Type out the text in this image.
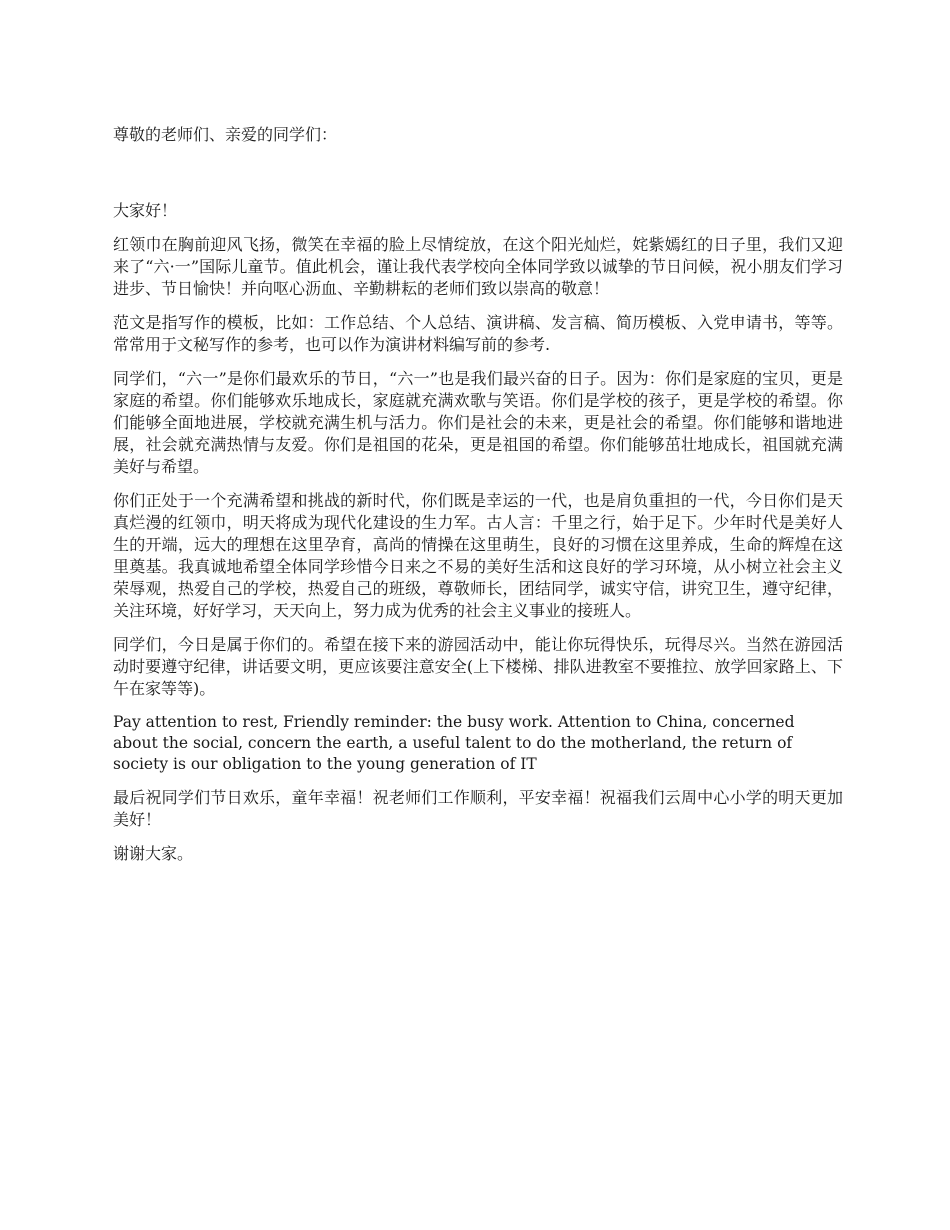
尊敬的老师们、亲爱的同学们：

大家好！

红领巾在胸前迎风飞扬，微笑在幸福的脸上尽情绽放，在这个阳光灿烂，姹紫嫣红的日子里，我们又迎来了“六·一”国际儿童节。值此机会，谨让我代表学校向全体同学致以诚挚的节日问候，祝小朋友们学习进步、节日愉快！并向呕心沥血、辛勤耕耘的老师们致以崇高的敬意！

范文是指写作的模板，比如：工作总结、个人总结、演讲稿、发言稿、简历模板、入党申请书，等等。常常用于文秘写作的参考，也可以作为演讲材料编写前的参考.

同学们，“六一”是你们最欢乐的节日，“六一”也是我们最兴奋的日子。因为：你们是家庭的宝贝，更是家庭的希望。你们能够欢乐地成长，家庭就充满欢歌与笑语。你们是学校的孩子，更是学校的希望。你们能够全面地进展，学校就充满生机与活力。你们是社会的未来，更是社会的希望。你们能够和谐地进展，社会就充满热情与友爱。你们是祖国的花朵，更是祖国的希望。你们能够茁壮地成长，祖国就充满美好与希望。

你们正处于一个充满希望和挑战的新时代，你们既是幸运的一代，也是肩负重担的一代，今日你们是天真烂漫的红领巾，明天将成为现代化建设的生力军。古人言：千里之行，始于足下。少年时代是美好人生的开端，远大的理想在这里孕育，高尚的情操在这里萌生，良好的习惯在这里养成，生命的辉煌在这里奠基。我真诚地希望全体同学珍惜今日来之不易的美好生活和这良好的学习环境，从小树立社会主义荣辱观，热爱自己的学校，热爱自己的班级，尊敬师长，团结同学，诚实守信，讲究卫生，遵守纪律，关注环境，好好学习，天天向上，努力成为优秀的社会主义事业的接班人。

同学们，今日是属于你们的。希望在接下来的游园活动中，能让你玩得快乐，玩得尽兴。当然在游园活动时要遵守纪律，讲话要文明，更应该要注意安全(上下楼梯、排队进教室不要推拉、放学回家路上、下午在家等等)。

Pay attention to rest, Friendly reminder: the busy work. Attention to China, concerned about the social, concern the earth, a useful talent to do the motherland, the return of society is our obligation to the young generation of IT

最后祝同学们节日欢乐，童年幸福！祝老师们工作顺利，平安幸福！祝福我们云周中心小学的明天更加美好！

谢谢大家。
